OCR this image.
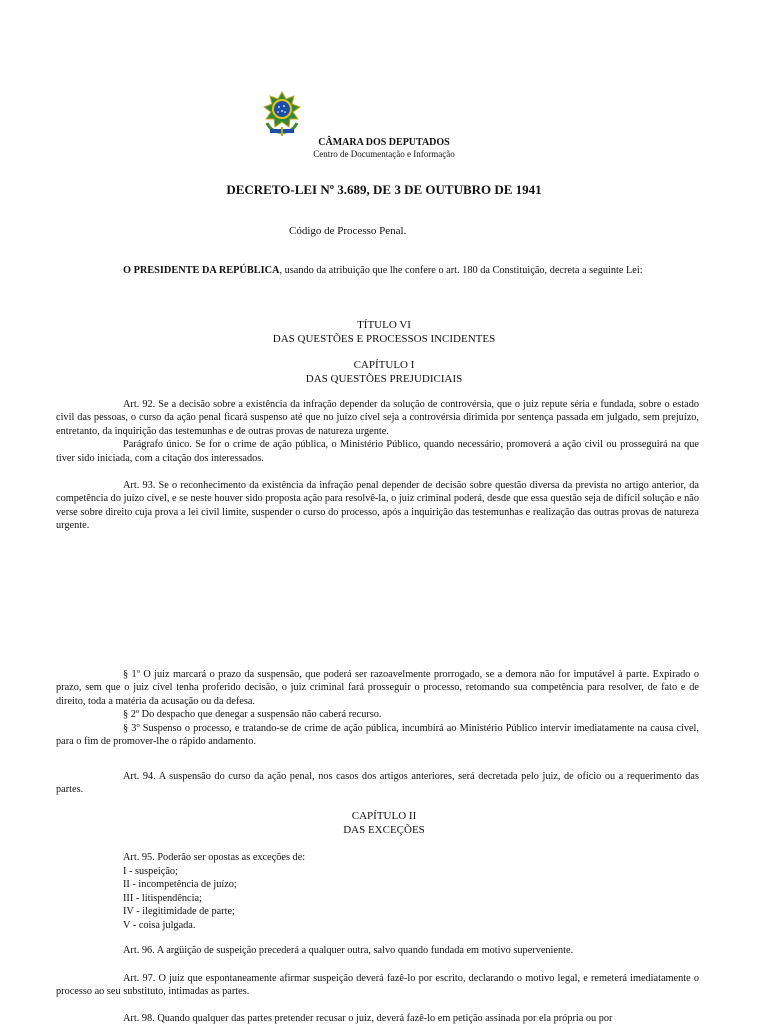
CÂMARA DOS DEPUTADOS
Centro de Documentação e Informação
DECRETO-LEI Nº 3.689, DE 3 DE OUTUBRO DE 1941
Código de Processo Penal.

O PRESIDENTE DA REPÚBLICA, usando da atribuição que lhe confere o art. 180 da Constituição, decreta a seguinte Lei:

TÍTULO VI
DAS QUESTÕES E PROCESSOS INCIDENTES
CAPÍTULO I
DAS QUESTÕES PREJUDICIAIS

Art. 92. Se a decisão sobre a existência da infração depender da solução de controvérsia, que o juiz repute séria e fundada, sobre o estado civil das pessoas, o curso da ação penal ficará suspenso até que no juízo cível seja a controvérsia dirimida por sentença passada em julgado, sem prejuízo, entretanto, da inquirição das testemunhas e de outras provas de natureza urgente.

Parágrafo único. Se for o crime de ação pública, o Ministério Público, quando necessário, promoverá a ação civil ou prosseguirá na que tiver sido iniciada, com a citação dos interessados.

Art. 93. Se o reconhecimento da existência da infração penal depender de decisão sobre questão diversa da prevista no artigo anterior, da competência do juízo cível, e se neste houver sido proposta ação para resolvê-la, o juiz criminal poderá, desde que essa questão seja de difícil solução e não verse sobre direito cuja prova a lei civil limite, suspender o curso do processo, após a inquirição das testemunhas e realização das outras provas de natureza urgente.

§ 1º O juiz marcará o prazo da suspensão, que poderá ser razoavelmente prorrogado, se a demora não for imputável à parte. Expirado o prazo, sem que o juiz cível tenha proferido decisão, o juiz criminal fará prosseguir o processo, retomando sua competência para resolver, de fato e de direito, toda a matéria da acusação ou da defesa.

§ 2º Do despacho que denegar a suspensão não caberá recurso.

§ 3º Suspenso o processo, e tratando-se de crime de ação pública, incumbirá ao Ministério Público intervir imediatamente na causa cível, para o fim de promover-lhe o rápido andamento.

Art. 94. A suspensão do curso da ação penal, nos casos dos artigos anteriores, será decretada pelo juiz, de ofício ou a requerimento das partes.

CAPÍTULO II
DAS EXCEÇÕES
Art. 95. Poderão ser opostas as exceções de:
I - suspeição;
II - incompetência de juízo;
III - litispendência;
IV - ilegitimidade de parte;
V - coisa julgada.

Art. 96. A argüição de suspeição precederá a qualquer outra, salvo quando fundada em motivo superveniente.

Art. 97. O juiz que espontaneamente afirmar suspeição deverá fazê-lo por escrito, declarando o motivo legal, e remeterá imediatamente o processo ao seu substituto, intimadas as partes.

Art. 98. Quando qualquer das partes pretender recusar o juiz, deverá fazê-lo em petição assinada por ela própria ou por
